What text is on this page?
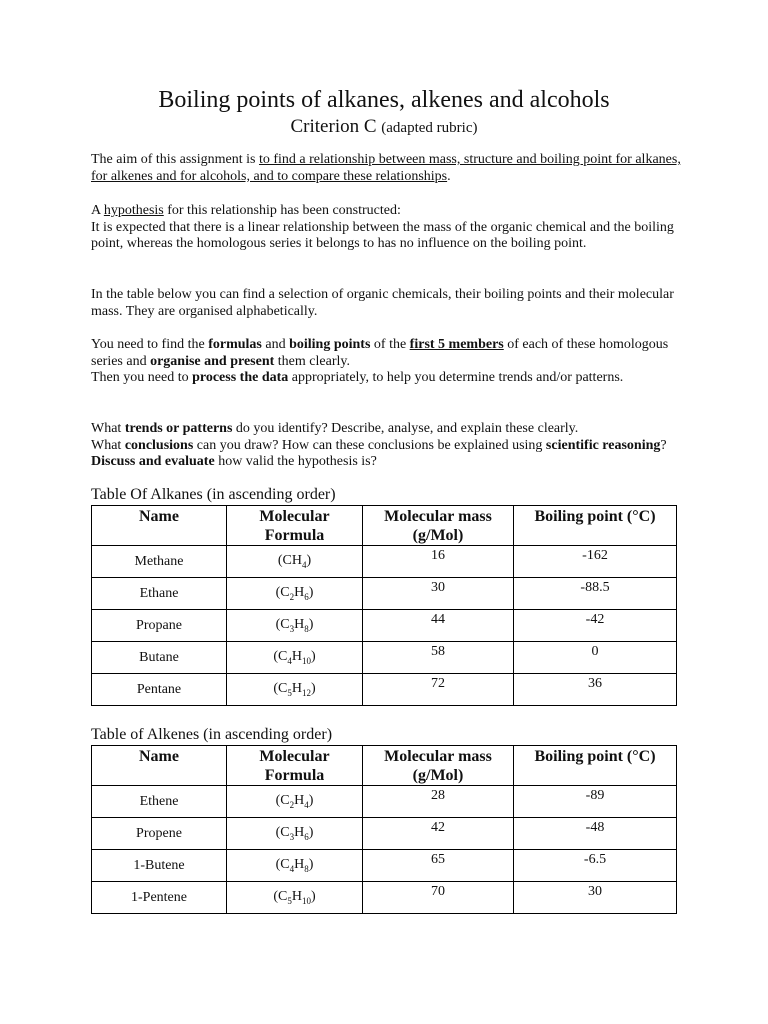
Boiling points of alkanes, alkenes and alcohols
Criterion C (adapted rubric)
The aim of this assignment is to find a relationship between mass, structure and boiling point for alkanes, for alkenes and for alcohols, and to compare these relationships.
A hypothesis for this relationship has been constructed:
It is expected that there is a linear relationship between the mass of the organic chemical and the boiling point, whereas the homologous series it belongs to has no influence on the boiling point.
In the table below you can find a selection of organic chemicals, their boiling points and their molecular mass. They are organised alphabetically.
You need to find the formulas and boiling points of the first 5 members of each of these homologous series and organise and present them clearly.
Then you need to process the data appropriately, to help you determine trends and/or patterns.
What trends or patterns do you identify? Describe, analyse, and explain these clearly.
What conclusions can you draw? How can these conclusions be explained using scientific reasoning? Discuss and evaluate how valid the hypothesis is?
Table Of Alkanes (in ascending order)
Name	Molecular Formula	Molecular mass (g/Mol)	Boiling point (°C)
Methane	$(CH_4)$	16	-162
Ethane	$(C_2H_6)$	30	-88.5
Propane	$(C_3H_8)$	44	-42
Butane	$(C_4H_{10})$	58	0
Pentane	$(C_5H_{12})$	72	36
Table of Alkenes (in ascending order)
Name	Molecular Formula	Molecular mass (g/Mol)	Boiling point (°C)
Ethene	$(C_2H_4)$	28	-89
Propene	$(C_3H_6)$	42	-48
1-Butene	$(C_4H_8)$	65	-6.5
1-Pentene	$(C_5H_{10})$	70	30
